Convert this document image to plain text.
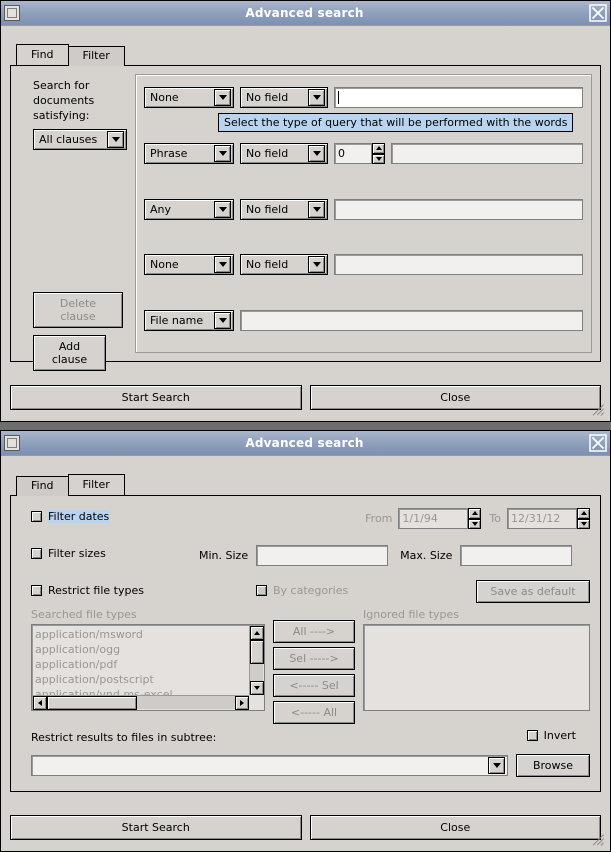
Advanced search
Find	Filter
Search for
documents
satisfying:
All clauses
Delete clause
Add clause
None	No field
Select the type of query that will be performed with the words
Phrase	No field	0
Any	No field
None	No field
File name
Start Search	Close
Advanced search
Find	Filter
Filter dates	From 1/1/94	To 12/31/12
Filter sizes	Min. Size	Max. Size
Restrict file types	By categories	Save as default
Searched file types
application/msword
application/ogg
application/pdf
application/postscript
All ---->
Sel ----->
<----- Sel
<----- All
Ignored file types
Restrict results to files in subtree:	Invert
Browse
Start Search	Close
